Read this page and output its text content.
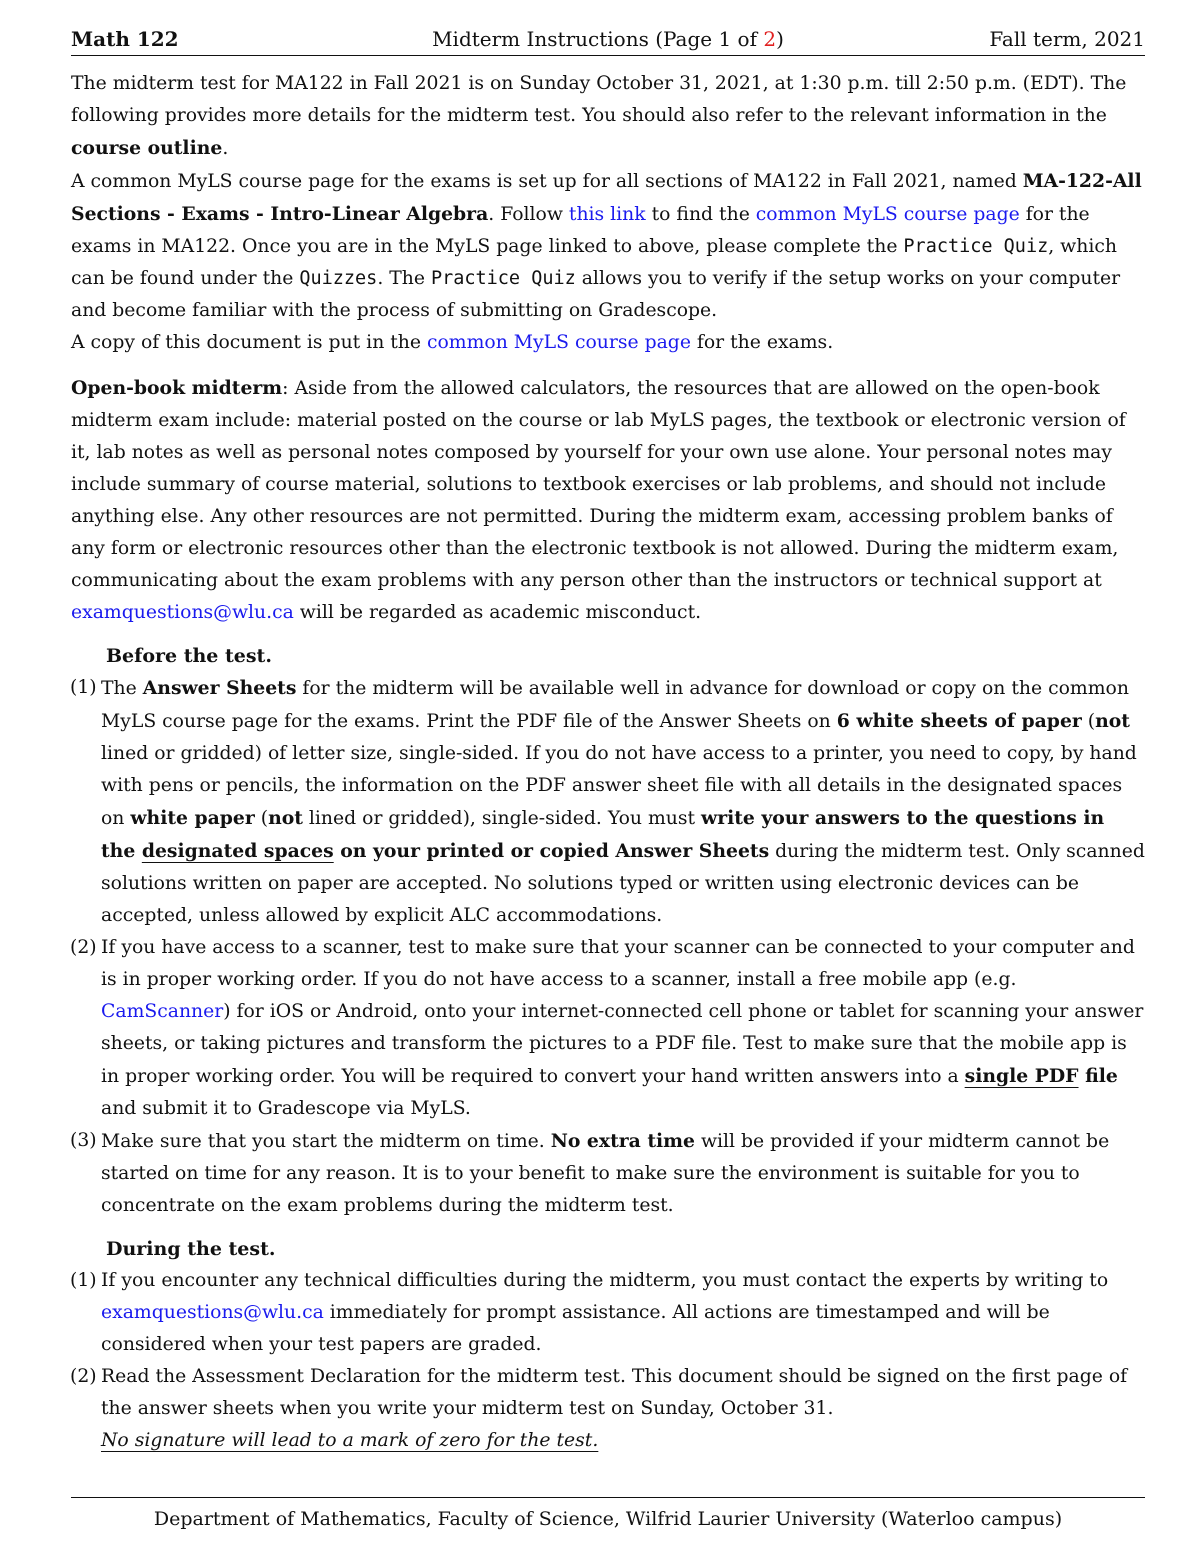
Math 122	Midterm Instructions (Page 1 of 2)	Fall term, 2021

The midterm test for MA122 in Fall 2021 is on Sunday October 31, 2021, at 1:30 p.m. till 2:50 p.m. (EDT). The following provides more details for the midterm test. You should also refer to the relevant information in the course outline.

A common MyLS course page for the exams is set up for all sections of MA122 in Fall 2021, named MA-122-All Sections - Exams - Intro-Linear Algebra. Follow this link to find the common MyLS course page for the exams in MA122. Once you are in the MyLS page linked to above, please complete the Practice Quiz, which can be found under the Quizzes. The Practice Quiz allows you to verify if the setup works on your computer and become familiar with the process of submitting on Gradescope.

A copy of this document is put in the common MyLS course page for the exams.

Open-book midterm: Aside from the allowed calculators, the resources that are allowed on the open-book midterm exam include: material posted on the course or lab MyLS pages, the textbook or electronic version of it, lab notes as well as personal notes composed by yourself for your own use alone. Your personal notes may include summary of course material, solutions to textbook exercises or lab problems, and should not include anything else. Any other resources are not permitted. During the midterm exam, accessing problem banks of any form or electronic resources other than the electronic textbook is not allowed. During the midterm exam, communicating about the exam problems with any person other than the instructors or technical support at examquestions@wlu.ca will be regarded as academic misconduct.

Before the test.
(1) The Answer Sheets for the midterm will be available well in advance for download or copy on the common MyLS course page for the exams. Print the PDF file of the Answer Sheets on 6 white sheets of paper (not lined or gridded) of letter size, single-sided. If you do not have access to a printer, you need to copy, by hand with pens or pencils, the information on the PDF answer sheet file with all details in the designated spaces on white paper (not lined or gridded), single-sided. You must write your answers to the questions in the designated spaces on your printed or copied Answer Sheets during the midterm test. Only scanned solutions written on paper are accepted. No solutions typed or written using electronic devices can be accepted, unless allowed by explicit ALC accommodations.
(2) If you have access to a scanner, test to make sure that your scanner can be connected to your computer and is in proper working order. If you do not have access to a scanner, install a free mobile app (e.g. CamScanner) for iOS or Android, onto your internet-connected cell phone or tablet for scanning your answer sheets, or taking pictures and transform the pictures to a PDF file. Test to make sure that the mobile app is in proper working order. You will be required to convert your hand written answers into a single PDF file and submit it to Gradescope via MyLS.
(3) Make sure that you start the midterm on time. No extra time will be provided if your midterm cannot be started on time for any reason. It is to your benefit to make sure the environment is suitable for you to concentrate on the exam problems during the midterm test.
During the test.
(1) If you encounter any technical difficulties during the midterm, you must contact the experts by writing to examquestions@wlu.ca immediately for prompt assistance. All actions are timestamped and will be considered when your test papers are graded.
(2) Read the Assessment Declaration for the midterm test. This document should be signed on the first page of the answer sheets when you write your midterm test on Sunday, October 31.
No signature will lead to a mark of zero for the test.
Department of Mathematics, Faculty of Science, Wilfrid Laurier University (Waterloo campus)
